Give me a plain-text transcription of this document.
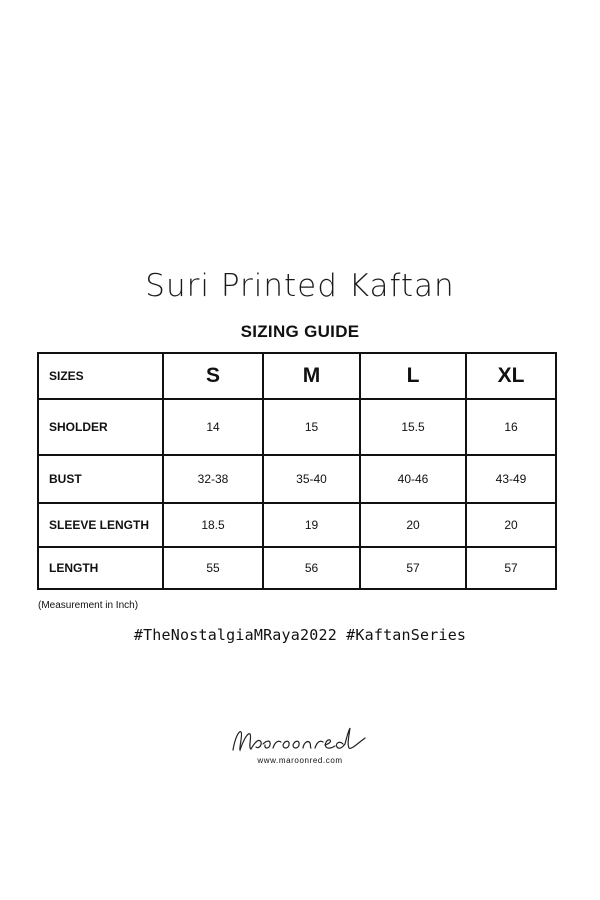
Suri Printed Kaftan
SIZING GUIDE
SIZES	S	M	L	XL
SHOLDER	14	15	15.5	16
BUST	32-38	35-40	40-46	43-49
SLEEVE LENGTH	18.5	19	20	20
LENGTH	55	56	57	57
(Measurement in Inch)
#TheNostalgiaMRaya2022 #KaftanSeries
www.maroonred.com
